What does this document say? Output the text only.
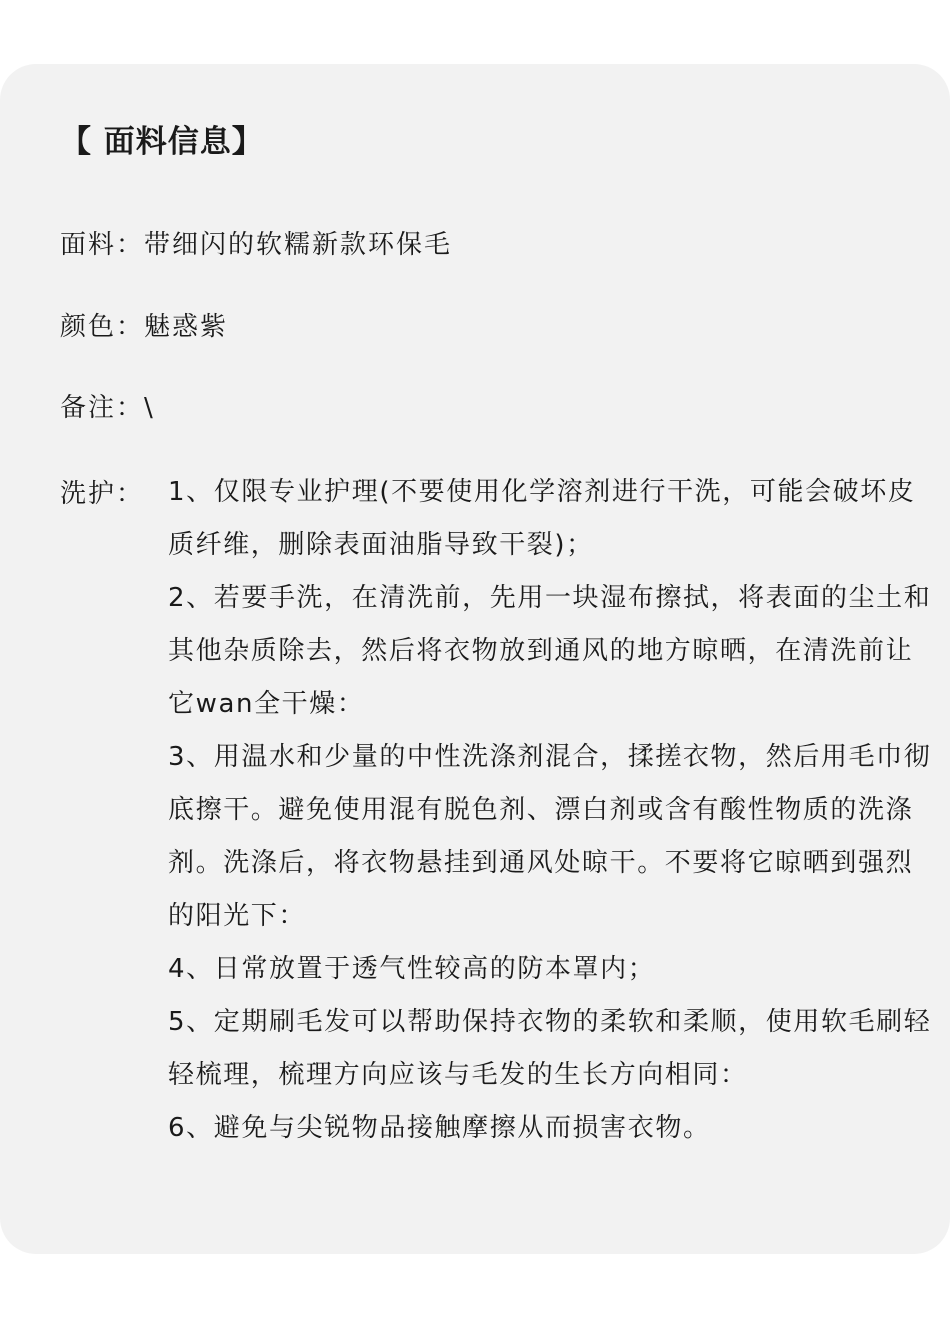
【 面料信息】
面料：带细闪的软糯新款环保毛
颜色：魅惑紫
备注：\
洗护： 1、仅限专业护理(不要使用化学溶剂进行干洗，可能会破坏皮质纤维，删除表面油脂导致干裂)；
2、若要手洗，在清洗前，先用一块湿布擦拭，将表面的尘土和其他杂质除去，然后将衣物放到通风的地方晾晒，在清洗前让它wan全干燥：
3、用温水和少量的中性洗涤剂混合，揉搓衣物，然后用毛巾彻底擦干。避免使用混有脱色剂、漂白剂或含有酸性物质的洗涤剂。洗涤后，将衣物悬挂到通风处晾干。不要将它晾晒到强烈的阳光下：
4、日常放置于透气性较高的防本罩内；
5、定期刷毛发可以帮助保持衣物的柔软和柔顺，使用软毛刷轻轻梳理，梳理方向应该与毛发的生长方向相同：
6、避免与尖锐物品接触摩擦从而损害衣物。
